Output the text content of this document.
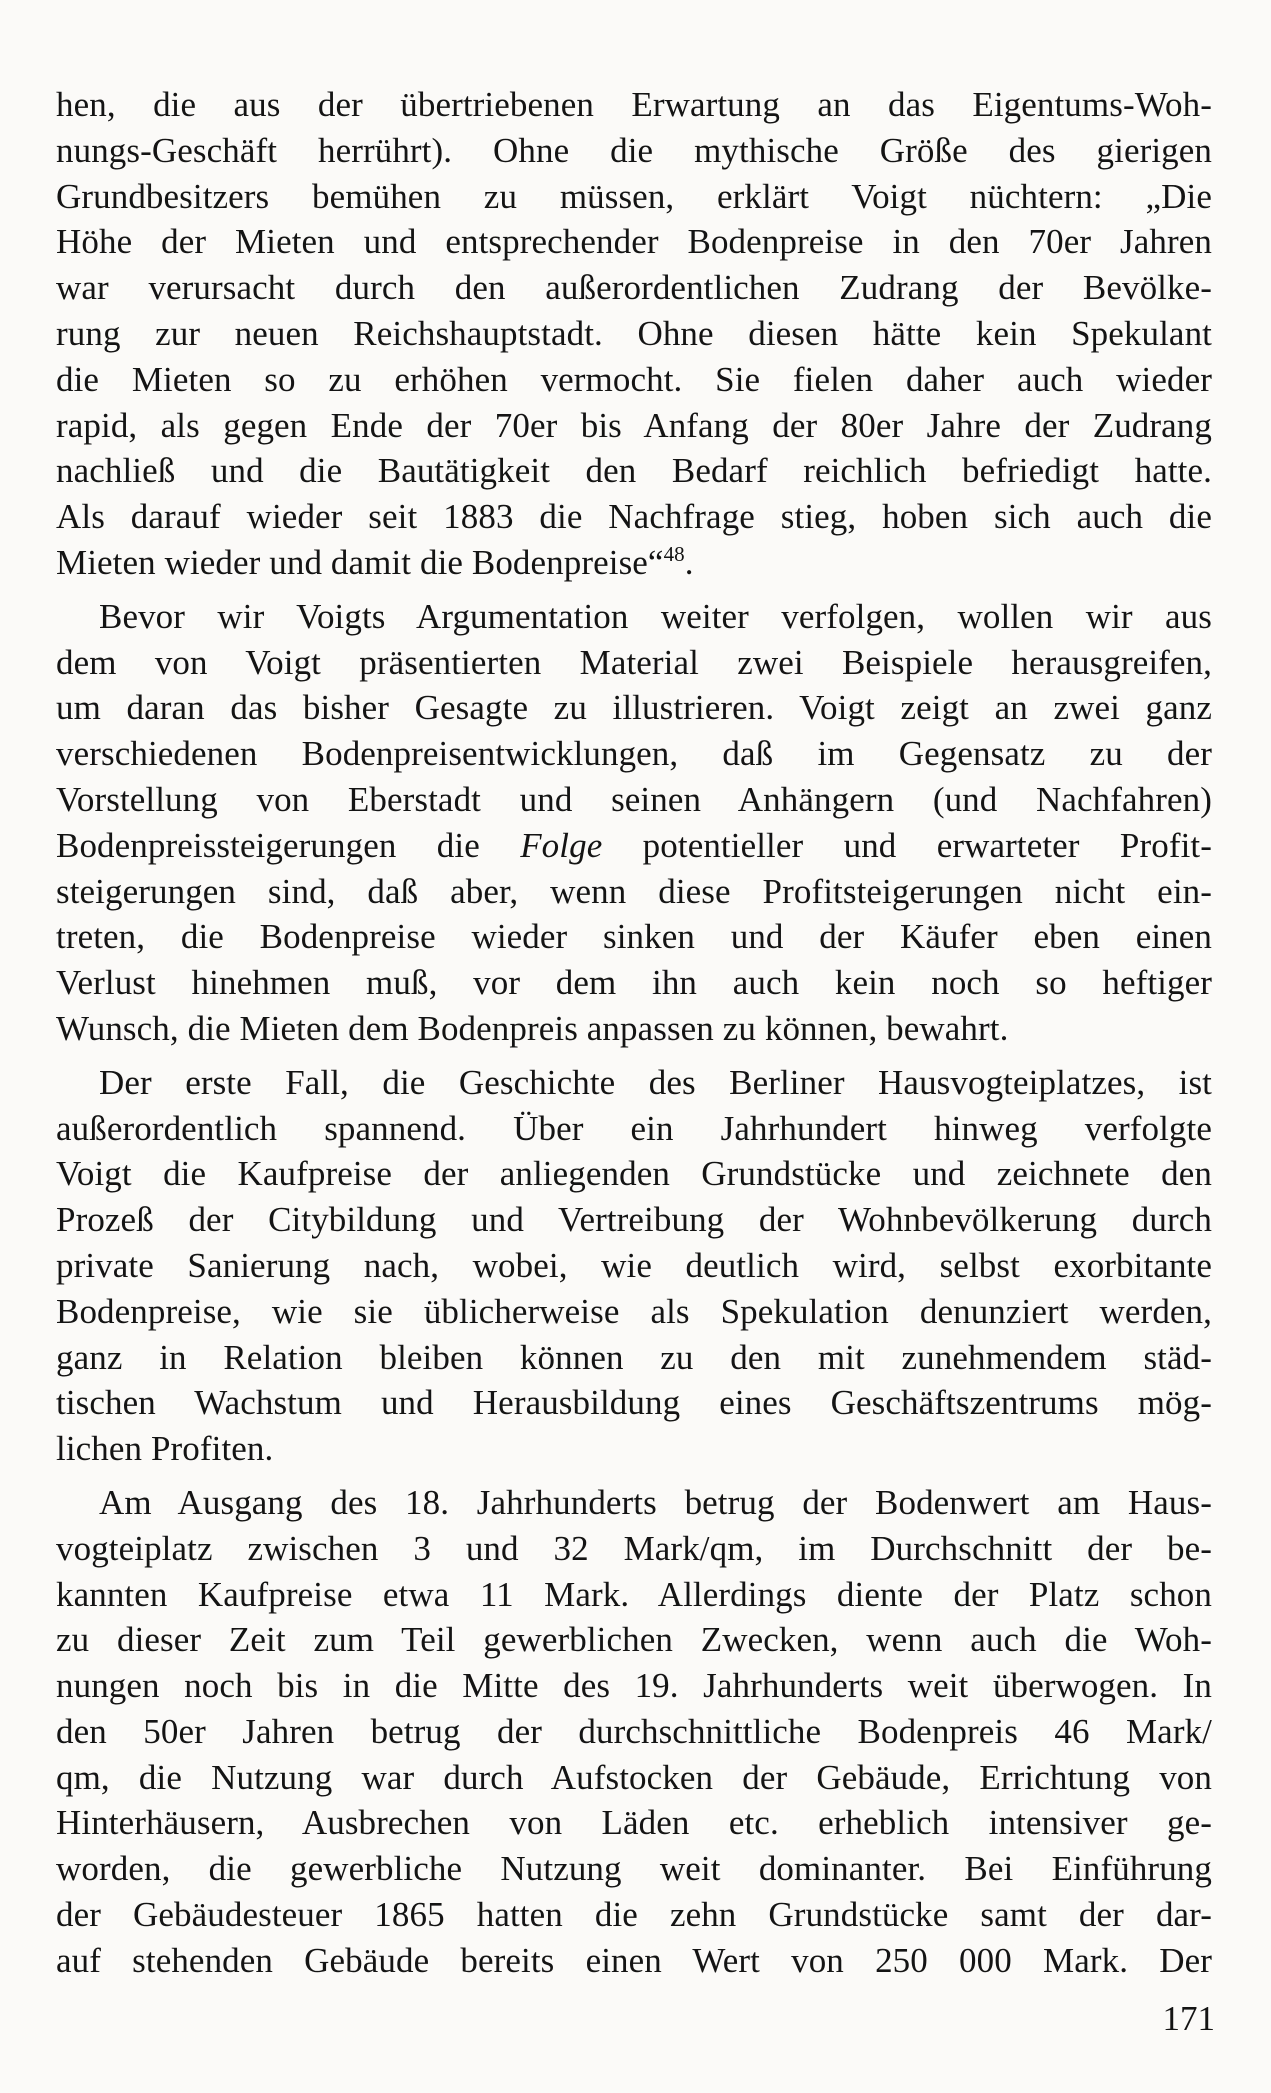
hen, die aus der übertriebenen Erwartung an das Eigentums-Woh-
nungs-Geschäft herrührt). Ohne die mythische Größe des gierigen
Grundbesitzers bemühen zu müssen, erklärt Voigt nüchtern: „Die
Höhe der Mieten und entsprechender Bodenpreise in den 70er Jahren
war verursacht durch den außerordentlichen Zudrang der Bevölke-
rung zur neuen Reichshauptstadt. Ohne diesen hätte kein Spekulant
die Mieten so zu erhöhen vermocht. Sie fielen daher auch wieder
rapid, als gegen Ende der 70er bis Anfang der 80er Jahre der Zudrang
nachließ und die Bautätigkeit den Bedarf reichlich befriedigt hatte.
Als darauf wieder seit 1883 die Nachfrage stieg, hoben sich auch die
Mieten wieder und damit die Bodenpreise“$^{48}$.
Bevor wir Voigts Argumentation weiter verfolgen, wollen wir aus
dem von Voigt präsentierten Material zwei Beispiele herausgreifen,
um daran das bisher Gesagte zu illustrieren. Voigt zeigt an zwei ganz
verschiedenen Bodenpreisentwicklungen, daß im Gegensatz zu der
Vorstellung von Eberstadt und seinen Anhängern (und Nachfahren)
Bodenpreissteigerungen die Folge potentieller und erwarteter Profit-
steigerungen sind, daß aber, wenn diese Profitsteigerungen nicht ein-
treten, die Bodenpreise wieder sinken und der Käufer eben einen
Verlust hinehmen muß, vor dem ihn auch kein noch so heftiger
Wunsch, die Mieten dem Bodenpreis anpassen zu können, bewahrt.
Der erste Fall, die Geschichte des Berliner Hausvogteiplatzes, ist
außerordentlich spannend. Über ein Jahrhundert hinweg verfolgte
Voigt die Kaufpreise der anliegenden Grundstücke und zeichnete den
Prozeß der Citybildung und Vertreibung der Wohnbevölkerung durch
private Sanierung nach, wobei, wie deutlich wird, selbst exorbitante
Bodenpreise, wie sie üblicherweise als Spekulation denunziert werden,
ganz in Relation bleiben können zu den mit zunehmendem städ-
tischen Wachstum und Herausbildung eines Geschäftszentrums mög-
lichen Profiten.
Am Ausgang des 18. Jahrhunderts betrug der Bodenwert am Haus-
vogteiplatz zwischen 3 und 32 Mark/qm, im Durchschnitt der be-
kannten Kaufpreise etwa 11 Mark. Allerdings diente der Platz schon
zu dieser Zeit zum Teil gewerblichen Zwecken, wenn auch die Woh-
nungen noch bis in die Mitte des 19. Jahrhunderts weit überwogen. In
den 50er Jahren betrug der durchschnittliche Bodenpreis 46 Mark/
qm, die Nutzung war durch Aufstocken der Gebäude, Errichtung von
Hinterhäusern, Ausbrechen von Läden etc. erheblich intensiver ge-
worden, die gewerbliche Nutzung weit dominanter. Bei Einführung
der Gebäudesteuer 1865 hatten die zehn Grundstücke samt der dar-
auf stehenden Gebäude bereits einen Wert von 250 000 Mark. Der
171
